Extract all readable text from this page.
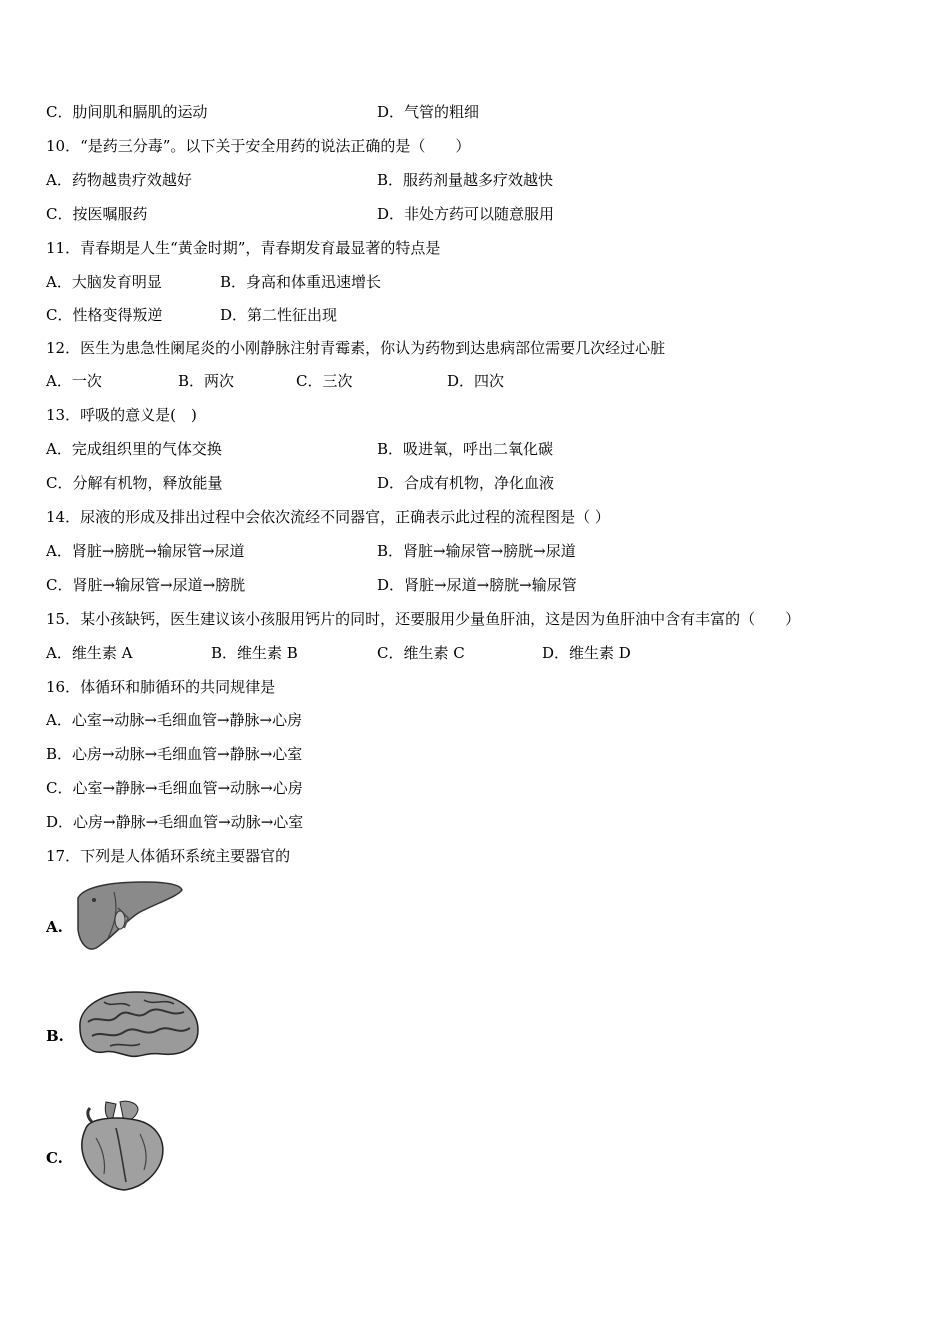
C．肋间肌和膈肌的运动	D．气管的粗细
10．“是药三分毒”。以下关于安全用药的说法正确的是（　　）
A．药物越贵疗效越好	B．服药剂量越多疗效越快
C．按医嘱服药	D．非处方药可以随意服用
11．青春期是人生“黄金时期”，青春期发育最显著的特点是
A．大脑发育明显	B．身高和体重迅速增长
C．性格变得叛逆	D．第二性征出现
12．医生为患急性阑尾炎的小刚静脉注射青霉素，你认为药物到达患病部位需要几次经过心脏
A．一次	B．两次	C．三次	D．四次
13．呼吸的意义是(　)
A．完成组织里的气体交换	B．吸进氧，呼出二氧化碳
C．分解有机物，释放能量	D．合成有机物，净化血液
14．尿液的形成及排出过程中会依次流经不同器官，正确表示此过程的流程图是（ ）
A．肾脏→膀胱→输尿管→尿道	B．肾脏→输尿管→膀胱→尿道
C．肾脏→输尿管→尿道→膀胱	D．肾脏→尿道→膀胱→输尿管
15．某小孩缺钙，医生建议该小孩服用钙片的同时，还要服用少量鱼肝油，这是因为鱼肝油中含有丰富的（　　）
A．维生素 A	B．维生素 B	C．维生素 C	D．维生素 D
16．体循环和肺循环的共同规律是
A．心室→动脉→毛细血管→静脉→心房
B．心房→动脉→毛细血管→静脉→心室
C．心室→静脉→毛细血管→动脉→心房
D．心房→静脉→毛细血管→动脉→心室
17．下列是人体循环系统主要器官的
A.
B.
C.
